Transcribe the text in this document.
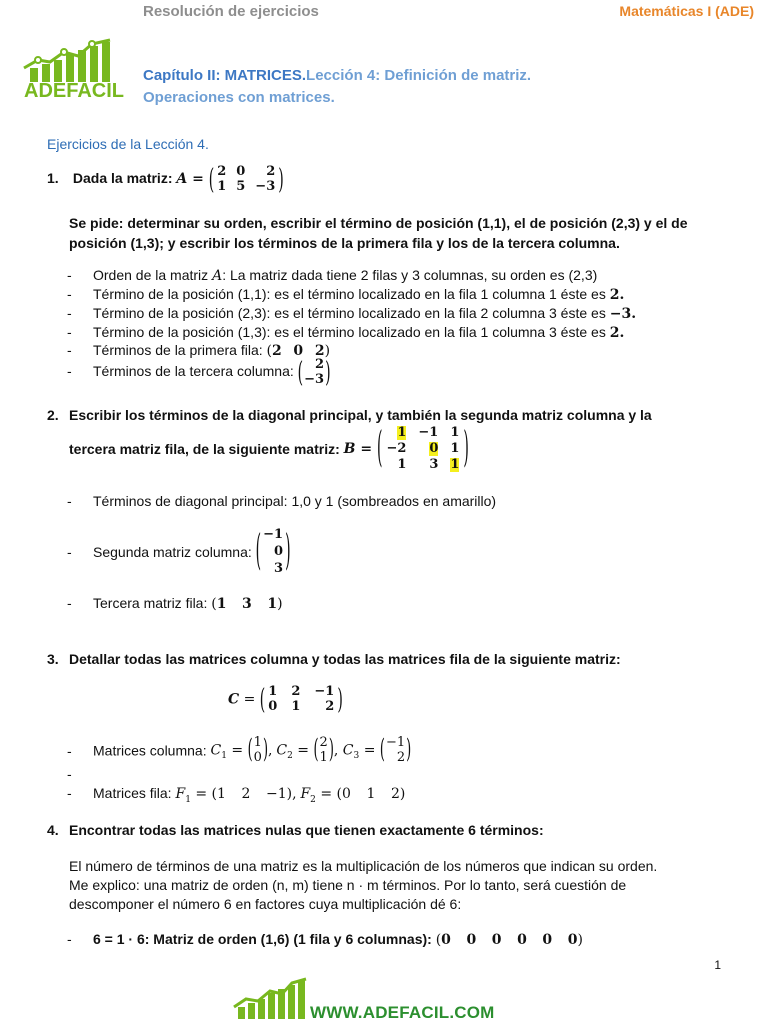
Resolución de ejercicios	Matemáticas I (ADE)
ADEFACIL
Capítulo II: MATRICES.Lección 4: Definición de matriz.
Operaciones con matrices.
Ejercicios de la Lección 4.
1. Dada la matriz: A = ( 2 0 2
1 5 −3 )
Se pide: determinar su orden, escribir el término de posición (1,1), el de posición (2,3) y el de posición (1,3); y escribir los términos de la primera fila y los de la tercera columna.
- Orden de la matriz A: La matriz dada tiene 2 filas y 3 columnas, su orden es (2,3)
- Término de la posición (1,1): es el término localizado en la fila 1 columna 1 éste es 2.
- Término de la posición (2,3): es el término localizado en la fila 2 columna 3 éste es −3.
- Término de la posición (1,3): es el término localizado en la fila 1 columna 3 éste es 2.
- Términos de la primera fila: (2 0 2)
- Términos de la tercera columna: ( 2
−3 )
2. Escribir los términos de la diagonal principal, y también la segunda matriz columna y la
tercera matriz fila, de la siguiente matriz: B = ( 1 −1 1
−2 0 1
1 3 1 )
- Términos de diagonal principal: 1,0 y 1 (sombreados en amarillo)
- Segunda matriz columna: ( −1
0
3 )
- Tercera matriz fila: (1 3 1)
3. Detallar todas las matrices columna y todas las matrices fila de la siguiente matriz:
C = ( 1 2 −1
0 1 2 )
- Matrices columna: $C_1$ = ( 1
0 ) , $C_2$ = ( 2
1 ) , $C_3$ = ( −1
2 )
-
- Matrices fila: $F_1 = (1$ 2 −1), $F_2 = (0$ 1 2)
4. Encontrar todas las matrices nulas que tienen exactamente 6 términos:
El número de términos de una matriz es la multiplicación de los números que indican su orden.
Me explico: una matriz de orden (n, m) tiene n · m términos. Por lo tanto, será cuestión de
descomponer el número 6 en factores cuya multiplicación dé 6:
- 6 = 1 · 6: Matriz de orden (1,6) (1 fila y 6 columnas): (0 0 0 0 0 0)
1
WWW.ADEFACIL.COM
